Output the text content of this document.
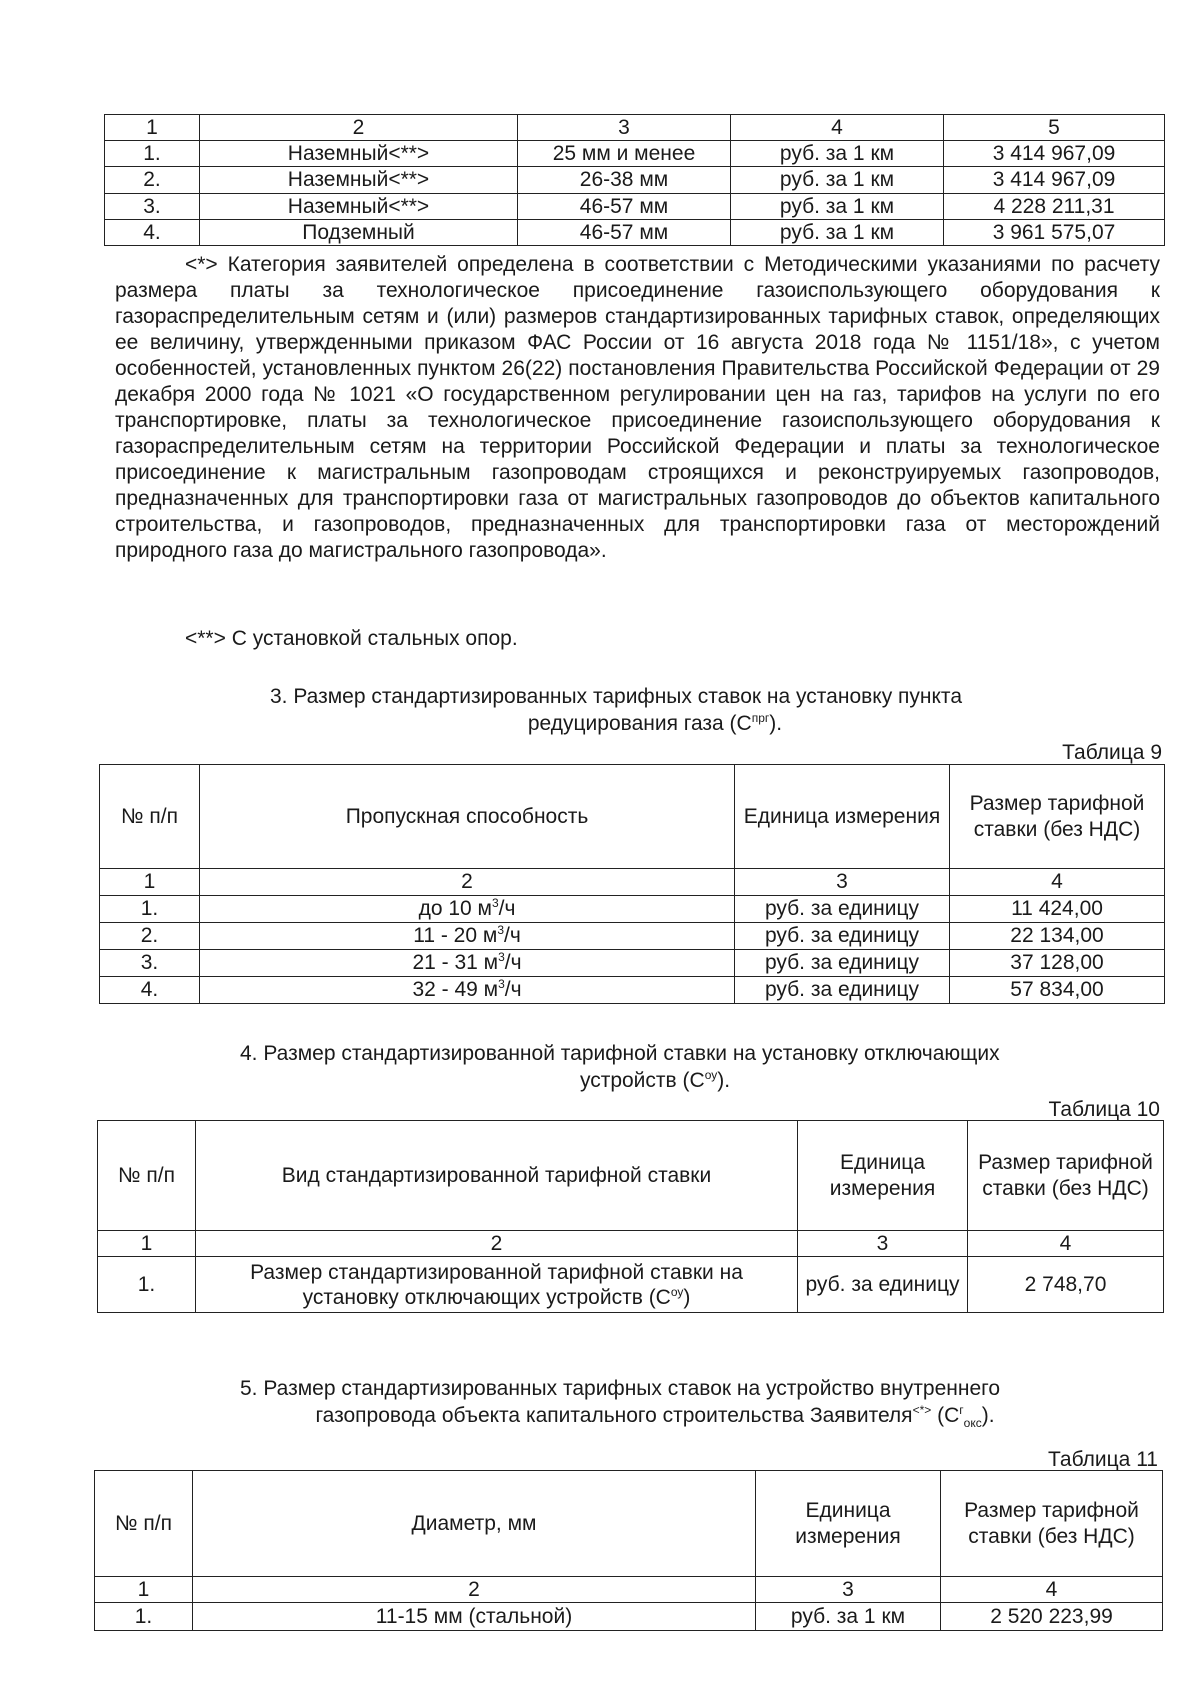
1	2	3	4	5
1.	Наземный<**>	25 мм и менее	руб. за 1 км	3 414 967,09
2.	Наземный<**>	26-38 мм	руб. за 1 км	3 414 967,09
3.	Наземный<**>	46-57 мм	руб. за 1 км	4 228 211,31
4.	Подземный	46-57 мм	руб. за 1 км	3 961 575,07
<*> Категория заявителей определена в соответствии с Методическими указаниями по расчету размера платы за технологическое присоединение газоиспользующего оборудования к газораспределительным сетям и (или) размеров стандартизированных тарифных ставок, определяющих ее величину, утвержденными приказом ФАС России от 16 августа 2018 года № 1151/18», с учетом особенностей, установленных пунктом 26(22) постановления Правительства Российской Федерации от 29 декабря 2000 года № 1021 «О государственном регулировании цен на газ, тарифов на услуги по его транспортировке, платы за технологическое присоединение газоиспользующего оборудования к газораспределительным сетям на территории Российской Федерации и платы за технологическое присоединение к магистральным газопроводам строящихся и реконструируемых газопроводов, предназначенных для транспортировки газа от магистральных газопроводов до объектов капитального строительства, и газопроводов, предназначенных для транспортировки газа от месторождений природного газа до магистрального газопровода».
<**> С установкой стальных опор.
3. Размер стандартизированных тарифных ставок на установку пункта
редуцирования газа $(С^{прг})$.
Таблица 9
№ п/п	Пропускная способность	Единица измерения	Размер тарифной ставки (без НДС)
1	2	3	4
1.	до 10 $м^3/ч$	руб. за единицу	11 424,00
2.	11 - 20 $м^3/ч$	руб. за единицу	22 134,00
3.	21 - 31 $м^3/ч$	руб. за единицу	37 128,00
4.	32 - 49 $м^3/ч$	руб. за единицу	57 834,00
4. Размер стандартизированной тарифной ставки на установку отключающих
устройств $(С^{оу})$.
Таблица 10
№ п/п	Вид стандартизированной тарифной ставки	Единица измерения	Размер тарифной ставки (без НДС)
1	2	3	4
1.	Размер стандартизированной тарифной ставки на установку отключающих устройств $(С^{оу})$	руб. за единицу	2 748,70
5. Размер стандартизированных тарифных ставок на устройство внутреннего
газопровода объекта капитального строительства Заявителя<*> $(С^г_{окс})$.
Таблица 11
№ п/п	Диаметр, мм	Единица измерения	Размер тарифной ставки (без НДС)
1	2	3	4
1.	11-15 мм (стальной)	руб. за 1 км	2 520 223,99
